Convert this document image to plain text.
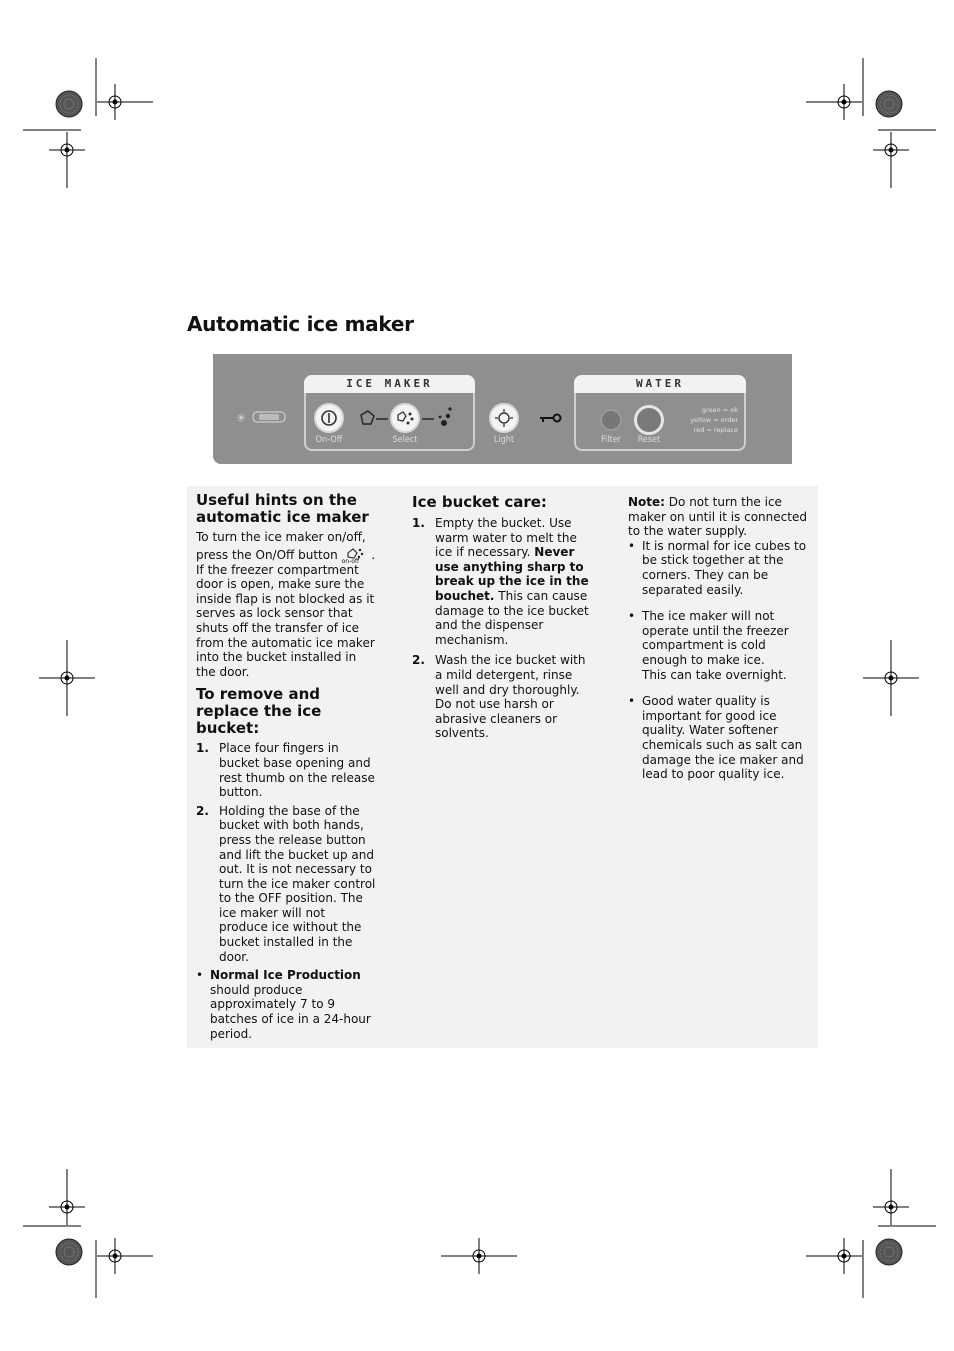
Automatic ice maker
✳
ICE MAKER
On-Off	Select	Light
WATER
Filter	Reset
green = ok
yellow = order
red = replace
Useful hints on the automatic ice maker
To turn the ice maker on/off, press the On/Off button on-off .
If the freezer compartment door is open, make sure the inside flap is not blocked as it serves as lock sensor that shuts off the transfer of ice from the automatic ice maker into the bucket installed in the door.
To remove and replace the ice bucket:
1. Place four fingers in bucket base opening and rest thumb on the release button.
2. Holding the base of the bucket with both hands, press the release button and lift the bucket up and out. It is not necessary to turn the ice maker control to the OFF position. The ice maker will not produce ice without the bucket installed in the door.
• Normal Ice Production should produce approximately 7 to 9 batches of ice in a 24-hour period.
Ice bucket care:
1. Empty the bucket. Use warm water to melt the ice if necessary. Never use anything sharp to break up the ice in the bouchet. This can cause damage to the ice bucket and the dispenser mechanism.
2. Wash the ice bucket with a mild detergent, rinse well and dry thoroughly. Do not use harsh or abrasive cleaners or solvents.
Note: Do not turn the ice maker on until it is connected to the water supply.
• It is normal for ice cubes to be stick together at the corners. They can be separated easily.
• The ice maker will not operate until the freezer compartment is cold enough to make ice.
This can take overnight.
• Good water quality is important for good ice quality. Water softener chemicals such as salt can damage the ice maker and lead to poor quality ice.
